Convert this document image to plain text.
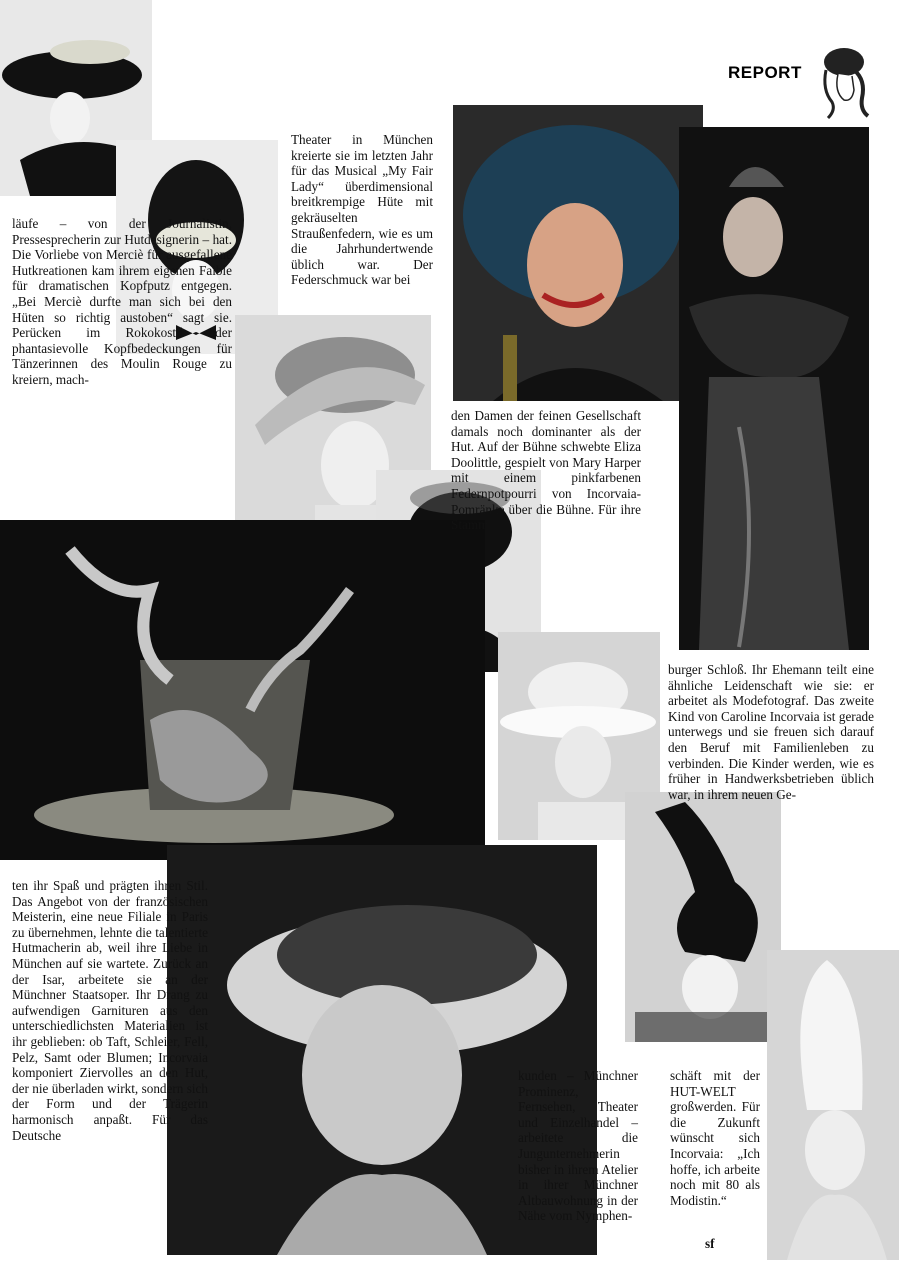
REPORT
läufe – von der Journalistin, Pressesprecherin zur Hutdesignerin – hat. Die Vorliebe von Merciè für ausgefallene Hutkreationen kam ihrem eigenen Faible für dramatischen Kopfputz entgegen. „Bei Merciè durfte man sich bei den Hüten so richtig austoben“ sagt sie. Perücken im Rokokostil oder phantasievolle Kopfbedeckungen für Tänzerinnen des Moulin Rouge zu kreiern, mach-
Theater in München kreierte sie im letzten Jahr für das Musical „My Fair Lady“ überdimensional breitkrempige Hüte mit gekräuselten Straußenfedern, wie es um die Jahrhundertwende üblich war. Der Federschmuck war bei
den Damen der feinen Gesellschaft damals noch dominanter als der Hut. Auf der Bühne schwebte Eliza Doolittle, gespielt von Mary Harper mit einem pinkfarbenen Federnpotpourri von Incorvaia-Pomränke über die Bühne. Für ihre Stamm
burger Schloß. Ihr Ehemann teilt eine ähnliche Leidenschaft wie sie: er arbeitet als Modefotograf. Das zweite Kind von Caroline Incorvaia ist gerade unterwegs und sie freuen sich darauf den Beruf mit Familienleben zu verbinden. Die Kinder werden, wie es früher in Handwerksbetrieben üblich war, in ihrem neuen Ge-
ten ihr Spaß und prägten ihren Stil. Das Angebot von der französischen Meisterin, eine neue Filiale in Paris zu übernehmen, lehnte die talentierte Hutmacherin ab, weil ihre Liebe in München auf sie wartete. Zurück an der Isar, arbeitete sie an der Münchner Staatsoper. Ihr Drang zu aufwendigen Garnituren aus den unterschiedlichsten Materialien ist ihr geblieben: ob Taft, Schleier, Fell, Pelz, Samt oder Blumen; Incorvaia komponiert Ziervolles an den Hut, der nie überladen wirkt, sondern sich der Form und der Trägerin harmonisch anpaßt. Für das Deutsche
kunden – Münchner Prominenz, Fernsehen, Theater und Einzelhandel – arbeitete die Jungunternehmerin bisher in ihrem Atelier in ihrer Münchner Altbauwohnung in der Nähe vom Nymphen-
schäft mit der HUT-WELT großwerden. Für die Zukunft wünscht sich Incorvaia: „Ich hoffe, ich arbeite noch mit 80 als Modistin.“
sf
